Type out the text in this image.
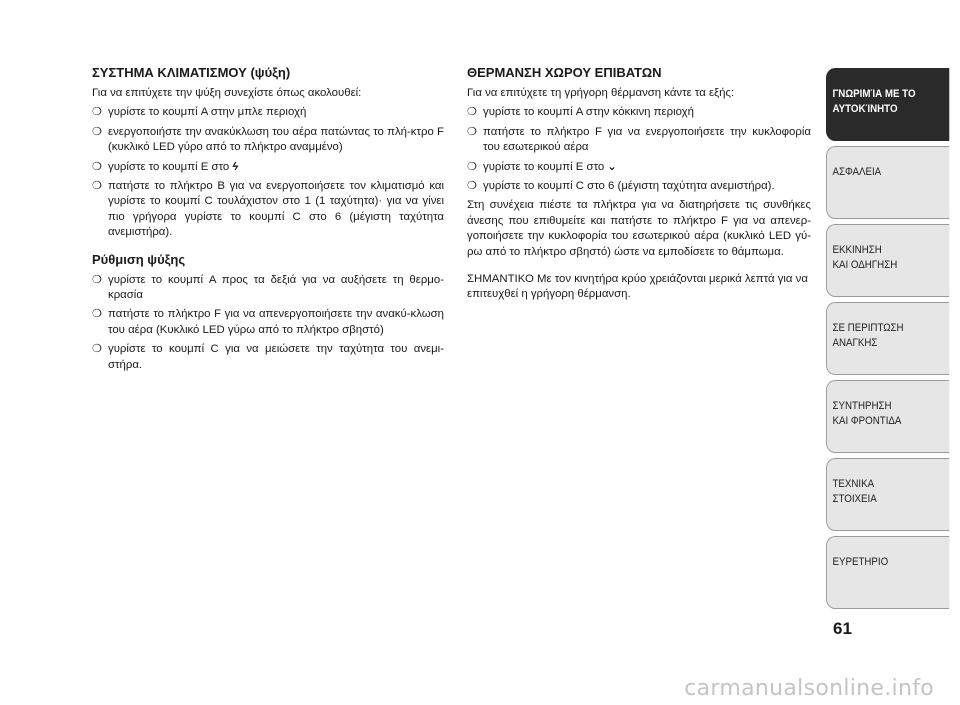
ΣΥΣΤΗΜΑ ΚΛΙΜΑΤΙΣΜΟΥ (ψύξη)
Για να επιτύχετε την ψύξη συνεχίστε όπως ακολουθεί:
❍ γυρίστε το κουμπί A στην μπλε περιοχή
❍ ενεργοποιήστε την ανακύκλωση του αέρα πατώντας το πλή-κτρο F (κυκλικό LED γύρο από το πλήκτρο αναμμένο)
❍ γυρίστε το κουμπί E στο ϟ
❍ πατήστε το πλήκτρο B για να ενεργοποιήσετε τον κλιματισμό και γυρίστε το κουμπί C τουλάχιστον στο 1 (1 ταχύτητα)· για να γίνει πιο γρήγορα γυρίστε το κουμπί C στο 6 (μέγιστη ταχύτητα ανεμιστήρα).
Ρύθμιση ψύξης
❍ γυρίστε το κουμπί A προς τα δεξιά για να αυξήσετε τη θερμο-κρασία
❍ πατήστε το πλήκτρο F για να απενεργοποιήσετε την ανακύ-κλωση του αέρα (Κυκλικό LED γύρω από το πλήκτρο σβηστό)
❍ γυρίστε το κουμπί C για να μειώσετε την ταχύτητα του ανεμι-στήρα.
ΘΕΡΜΑΝΣΗ ΧΩΡΟΥ ΕΠΙΒΑΤΩΝ
Για να επιτύχετε τη γρήγορη θέρμανση κάντε τα εξής:
❍ γυρίστε το κουμπί A στην κόκκινη περιοχή
❍ πατήστε το πλήκτρο F για να ενεργοποιήσετε την κυκλοφορία του εσωτερικού αέρα
❍ γυρίστε το κουμπί E στο ⌄
❍ γυρίστε το κουμπί C στο 6 (μέγιστη ταχύτητα ανεμιστήρα).
Στη συνέχεια πιέστε τα πλήκτρα για να διατηρήσετε τις συνθήκες άνεσης που επιθυμείτε και πατήστε το πλήκτρο F για να απενερ-γοποιήσετε την κυκλοφορία του εσωτερικού αέρα (κυκλικό LED γύ-ρω από το πλήκτρο σβηστό) ώστε να εμποδίσετε το θάμπωμα.
ΣΗΜΑΝΤΙΚΟ Με τον κινητήρα κρύο χρειάζονται μερικά λεπτά για να επιτευχθεί η γρήγορη θέρμανση.
ΓΝΩΡΙΜΊΑ ΜΕ ΤΟ
ΑΥΤΟΚΊΝΗΤΟ
ΑΣΦΑΛΕΙΑ
ΕΚΚΙΝΗΣΗ
ΚΑΙ ΟΔΗΓΗΣΗ
ΣΕ ΠΕΡΙΠΤΩΣΗ
ΑΝΑΓΚΗΣ
ΣΥΝΤΗΡΗΣΗ
ΚΑΙ ΦΡΟΝΤΙΔΑ
ΤΕΧΝΙΚΑ
ΣΤΟΙΧΕΙΑ
ΕΥΡΕΤΗΡΙΟ
61
carmanualsonline.info
